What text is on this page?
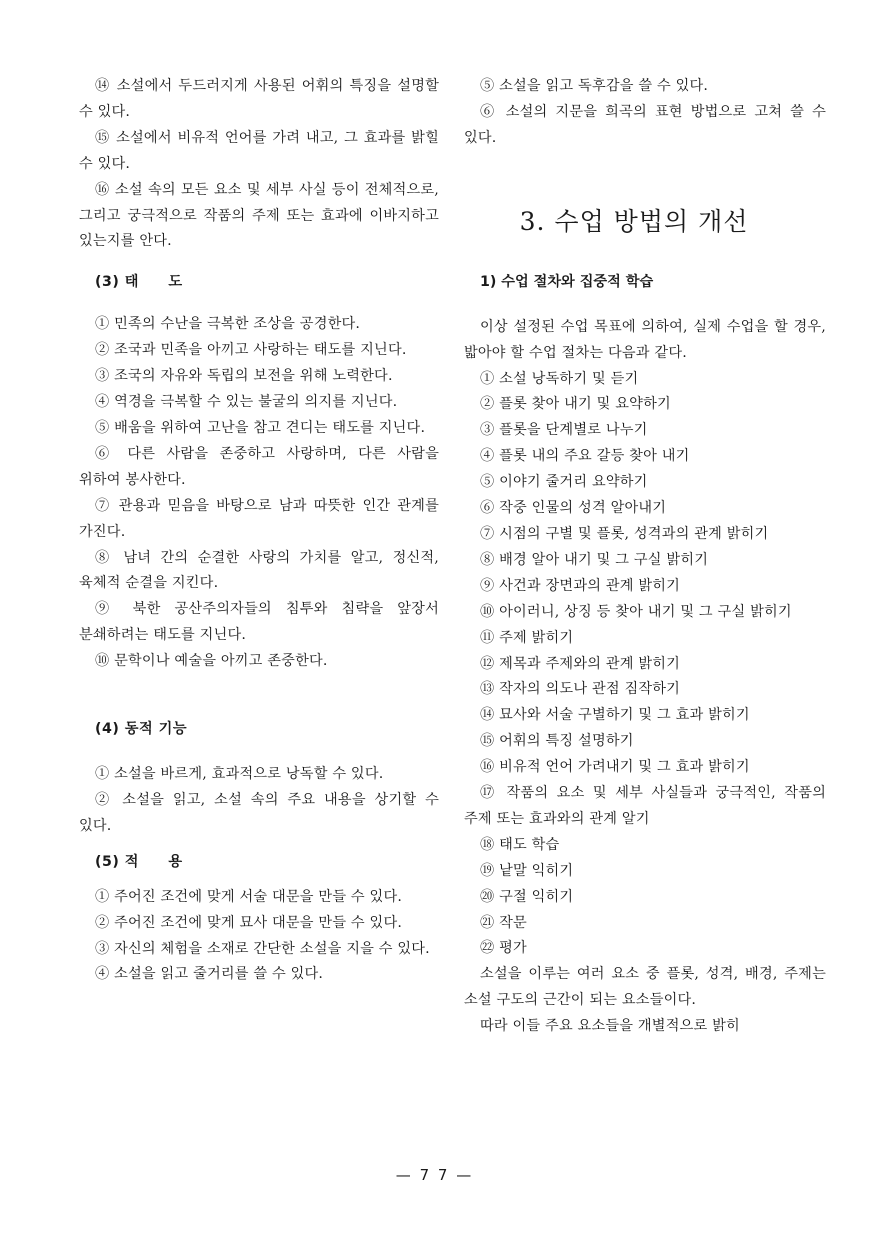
⑭ 소설에서 두드러지게 사용된 어휘의 특징을 설명할 수 있다.

⑮ 소설에서 비유적 언어를 가려 내고, 그 효과를 밝힐 수 있다.

⑯ 소설 속의 모든 요소 및 세부 사실 등이 전체적으로, 그리고 궁극적으로 작품의 주제 또는 효과에 이바지하고 있는지를 안다.

(3) 태　　도

① 민족의 수난을 극복한 조상을 공경한다.

② 조국과 민족을 아끼고 사랑하는 태도를 지닌다.

③ 조국의 자유와 독립의 보전을 위해 노력한다.

④ 역경을 극복할 수 있는 불굴의 의지를 지닌다.

⑤ 배움을 위하여 고난을 참고 견디는 태도를 지닌다.

⑥ 다른 사람을 존중하고 사랑하며, 다른 사람을 위하여 봉사한다.

⑦ 관용과 믿음을 바탕으로 남과 따뜻한 인간 관계를 가진다.

⑧ 남녀 간의 순결한 사랑의 가치를 알고, 정신적, 육체적 순결을 지킨다.

⑨ 북한 공산주의자들의 침투와 침략을 앞장서 분쇄하려는 태도를 지닌다.

⑩ 문학이나 예술을 아끼고 존중한다.

(4) 동적 기능

① 소설을 바르게, 효과적으로 낭독할 수 있다.

② 소설을 읽고, 소설 속의 주요 내용을 상기할 수 있다.

(5) 적　　용

① 주어진 조건에 맞게 서술 대문을 만들 수 있다.

② 주어진 조건에 맞게 묘사 대문을 만들 수 있다.

③ 자신의 체험을 소재로 간단한 소설을 지을 수 있다.

④ 소설을 읽고 줄거리를 쓸 수 있다.

⑤ 소설을 읽고 독후감을 쓸 수 있다.

⑥ 소설의 지문을 희곡의 표현 방법으로 고쳐 쓸 수 있다.

3. 수업 방법의 개선

1) 수업 절차와 집중적 학습

이상 설정된 수업 목표에 의하여, 실제 수업을 할 경우, 밟아야 할 수업 절차는 다음과 같다.

① 소설 낭독하기 및 듣기

② 플롯 찾아 내기 및 요약하기

③ 플롯을 단계별로 나누기

④ 플롯 내의 주요 갈등 찾아 내기

⑤ 이야기 줄거리 요약하기

⑥ 작중 인물의 성격 알아내기

⑦ 시점의 구별 및 플롯, 성격과의 관계 밝히기

⑧ 배경 알아 내기 및 그 구실 밝히기

⑨ 사건과 장면과의 관계 밝히기

⑩ 아이러니, 상징 등 찾아 내기 및 그 구실 밝히기

⑪ 주제 밝히기

⑫ 제목과 주제와의 관계 밝히기

⑬ 작자의 의도나 관점 짐작하기

⑭ 묘사와 서술 구별하기 및 그 효과 밝히기

⑮ 어휘의 특징 설명하기

⑯ 비유적 언어 가려내기 및 그 효과 밝히기

⑰ 작품의 요소 및 세부 사실들과 궁극적인, 작품의 주제 또는 효과와의 관계 알기

⑱ 태도 학습

⑲ 낱말 익히기

⑳ 구절 익히기

㉑ 작문

㉒ 평가

소설을 이루는 여러 요소 중 플롯, 성격, 배경, 주제는 소설 구도의 근간이 되는 요소들이다.

따라 이들 주요 요소들을 개별적으로 밝히

— 7 7 —
